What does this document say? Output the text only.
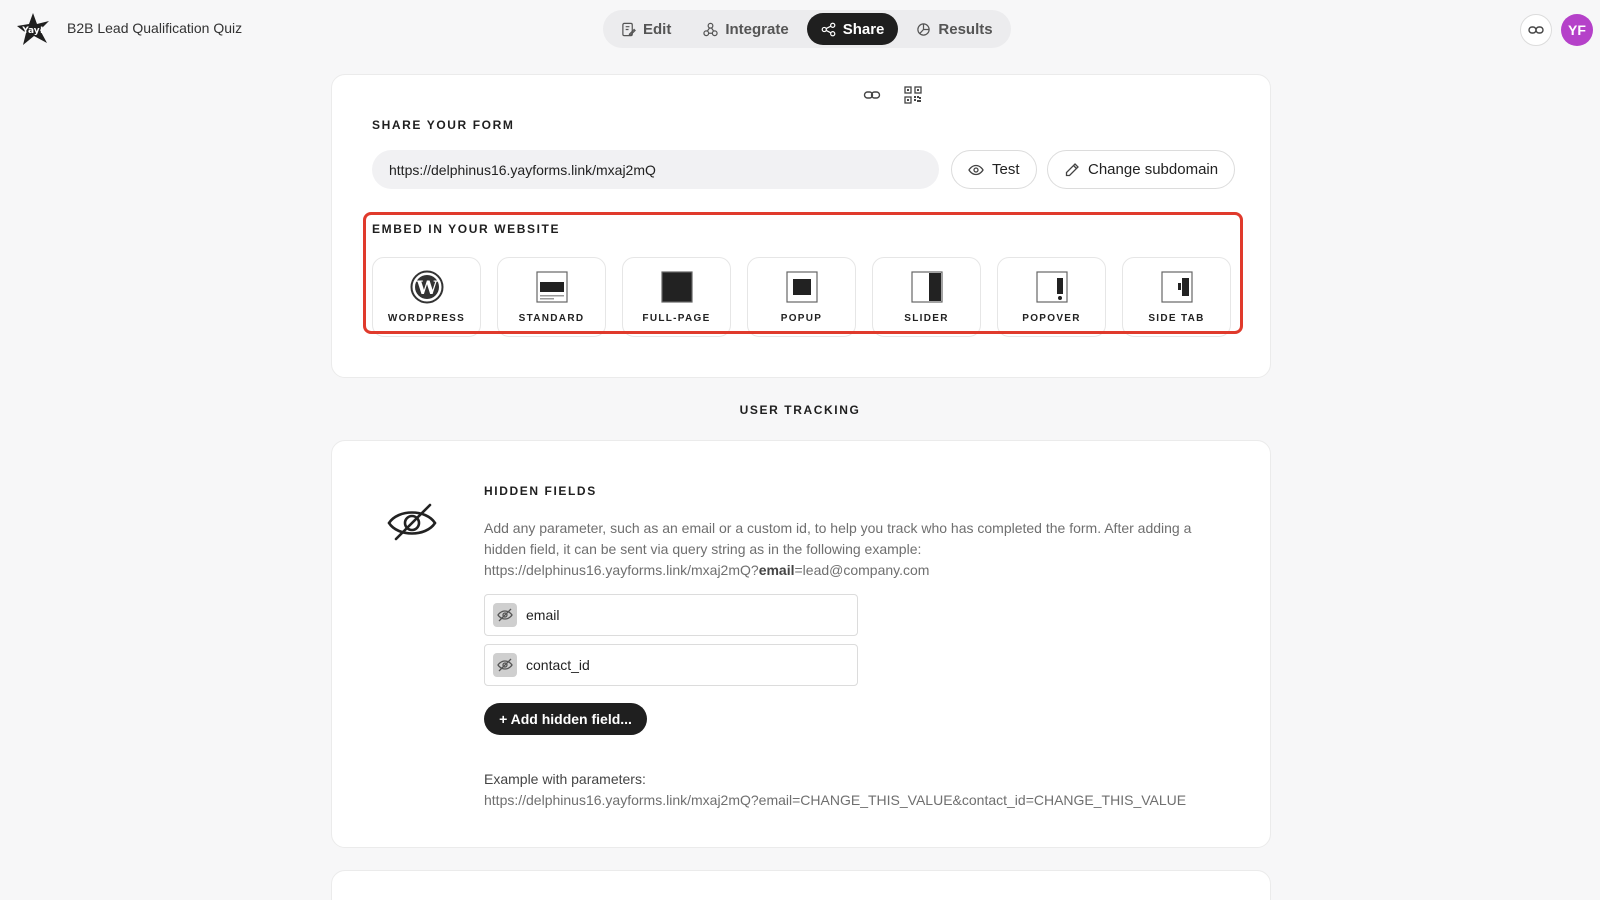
Yay! B2B Lead Qualification Quiz	Edit	Integrate	Share	Results	YF
SHARE YOUR FORM
https://delphinus16.yayforms.link/mxaj2mQ	Test	Change subdomain
EMBED IN YOUR WEBSITE
W
WORDPRESS	STANDARD	FULL-PAGE	POPUP	SLIDER	POPOVER	SIDE TAB
USER TRACKING
HIDDEN FIELDS
Add any parameter, such as an email or a custom id, to help you track who has completed the form. After adding a hidden field, it can be sent via query string as in the following example:
https://delphinus16.yayforms.link/mxaj2mQ?email=lead@company.com
email
contact_id
+ Add hidden field...
Example with parameters:
https://delphinus16.yayforms.link/mxaj2mQ?email=CHANGE_THIS_VALUE&contact_id=CHANGE_THIS_VALUE
